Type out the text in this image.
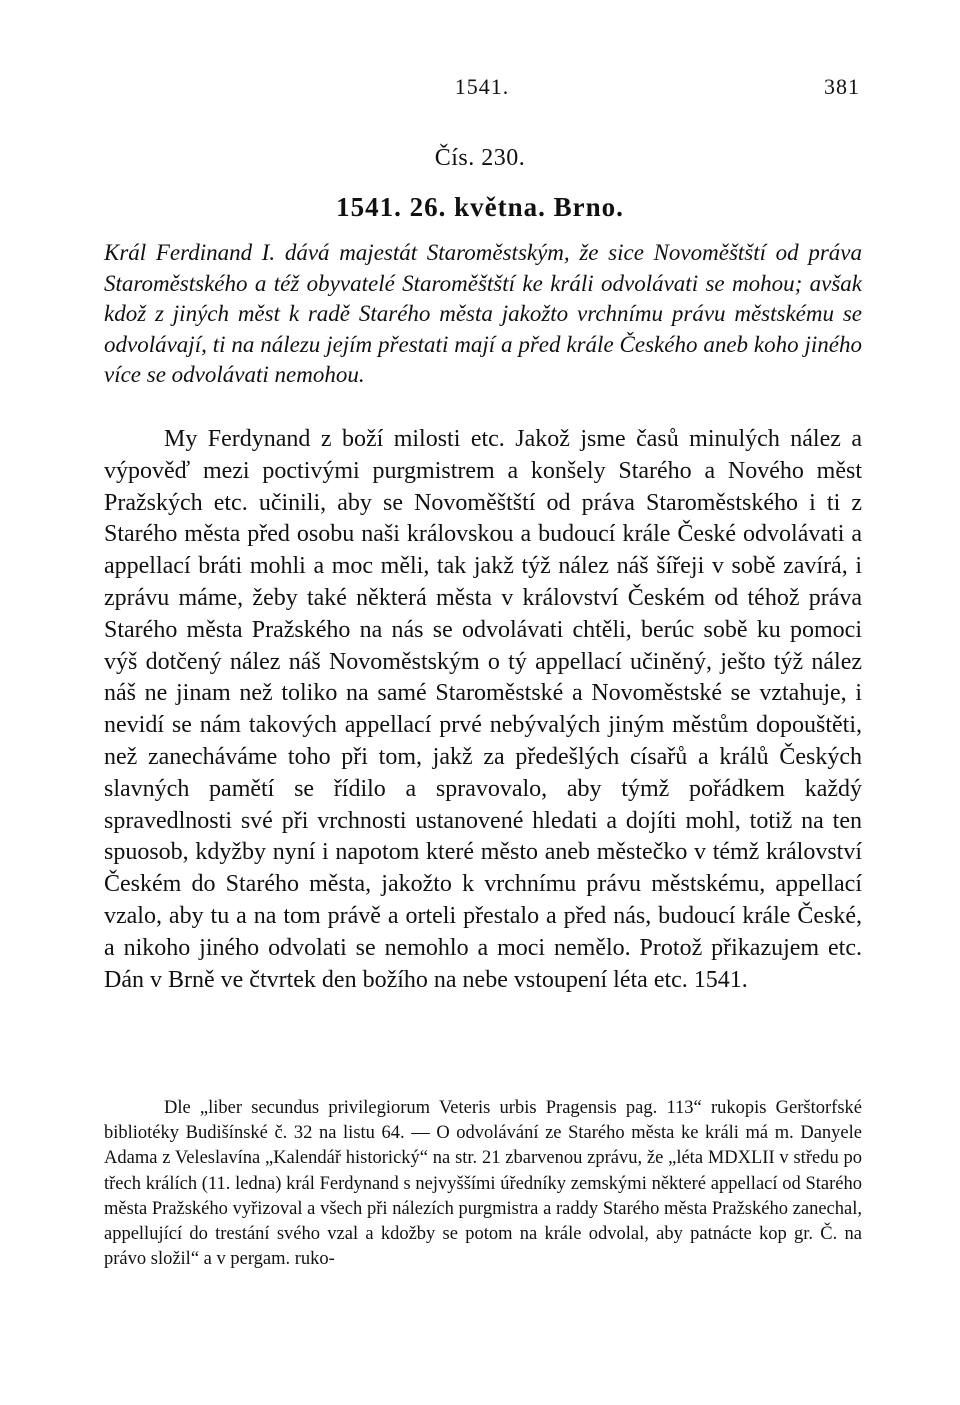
1541.	381
Čís. 230.
1541. 26. května. Brno.

Král Ferdinand I. dává majestát Staroměstským, že sice Novoměštští od práva Staroměstského a též obyvatelé Staroměštští ke králi odvolávati se mohou; avšak kdož z jiných měst k radě Starého města jakožto vrchnímu právu městskému se odvolávají, ti na nálezu jejím přestati mají a před krále Českého aneb koho jiného více se odvolávati nemohou.

My Ferdynand z boží milosti etc. Jakož jsme časů minulých nález a výpověď mezi poctivými purgmistrem a konšely Starého a Nového měst Pražských etc. učinili, aby se Novoměštští od práva Staroměstského i ti z Starého města před osobu naši královskou a budoucí krále České odvolávati a appellací bráti mohli a moc měli, tak jakž týž nález náš šířeji v sobě zavírá, i zprávu máme, žeby také některá města v království Českém od téhož práva Starého města Pražského na nás se odvolávati chtěli, berúc sobě ku pomoci výš dotčený nález náš Novoměstským o tý appellací učiněný, ješto týž nález náš ne jinam než toliko na samé Staroměstské a Novoměstské se vztahuje, i nevidí se nám takových appellací prvé nebývalých jiným městům dopouštěti, než zanecháváme toho při tom, jakž za předešlých císařů a králů Českých slavných pamětí se řídilo a spravovalo, aby týmž pořádkem každý spravedlnosti své při vrchnosti ustanovené hledati a dojíti mohl, totiž na ten spuosob, kdyžby nyní i napotom které město aneb městečko v témž království Českém do Starého města, jakožto k vrchnímu právu městskému, appellací vzalo, aby tu a na tom právě a orteli přestalo a před nás, budoucí krále České, a nikoho jiného odvolati se nemohlo a moci nemělo. Protož přikazujem etc. Dán v Brně ve čtvrtek den božího na nebe vstoupení léta etc. 1541.

Dle „liber secundus privilegiorum Veteris urbis Pragensis pag. 113“ rukopis Gerštorfské bibliotéky Budišínské č. 32 na listu 64. — O odvolávání ze Starého města ke králi má m. Danyele Adama z Veleslavína „Kalendář historický“ na str. 21 zbarvenou zprávu, že „léta MDXLII v středu po třech králích (11. ledna) král Ferdynand s nejvyššími úředníky zemskými některé appellací od Starého města Pražského vyřizoval a všech při nálezích purgmistra a raddy Starého města Pražského zanechal, appellující do trestání svého vzal a kdožby se potom na krále odvolal, aby patnácte kop gr. Č. na právo složil“ a v pergam. ruko-
